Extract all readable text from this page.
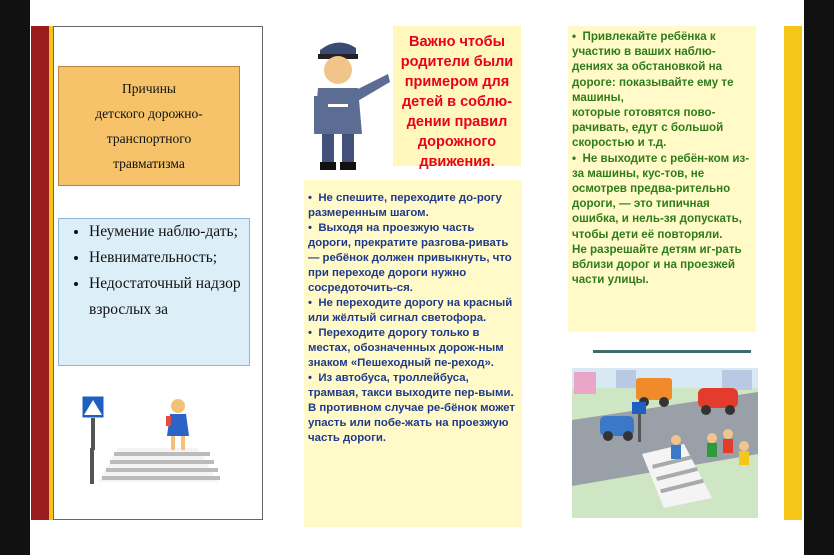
Причины
детского дорожно-
транспортного
травматизма
• Неумение наблю-дать;
• Невнимательность;
• Недостаточный надзор взрослых за
Важно чтобы
родители были
примером для
детей в соблю-
дении правил
дорожного
движения.

•  Не спешите, переходите до-рогу размеренным шагом.

•  Выходя на проезжую часть дороги, прекратите разгова-ривать — ребёнок должен привыкнуть, что при переходе дороги нужно сосредоточить-ся.

•  Не переходите дорогу на красный или жёлтый сигнал светофора.

•  Переходите дорогу только в местах, обозначенных дорож-ным знаком «Пешеходный пе-реход».

•  Из автобуса, троллейбуса, трамвая, такси выходите пер-выми. В противном случае ре-бёнок может упасть или побе-жать на проезжую часть дороги.

•  Привлекайте ребёнка к участию в ваших наблю-дениях за обстановкой на дороге: показывайте ему те машины,

которые готовятся пово-рачивать, едут с большой скоростью и т.д.

•  Не выходите с ребён-ком из-за машины, кус-тов, не осмотрев предва-рительно дороги, — это типичная ошибка, и нель-зя допускать, чтобы дети её повторяли.

Не разрешайте детям иг-рать вблизи дорог и на проезжей части улицы.
